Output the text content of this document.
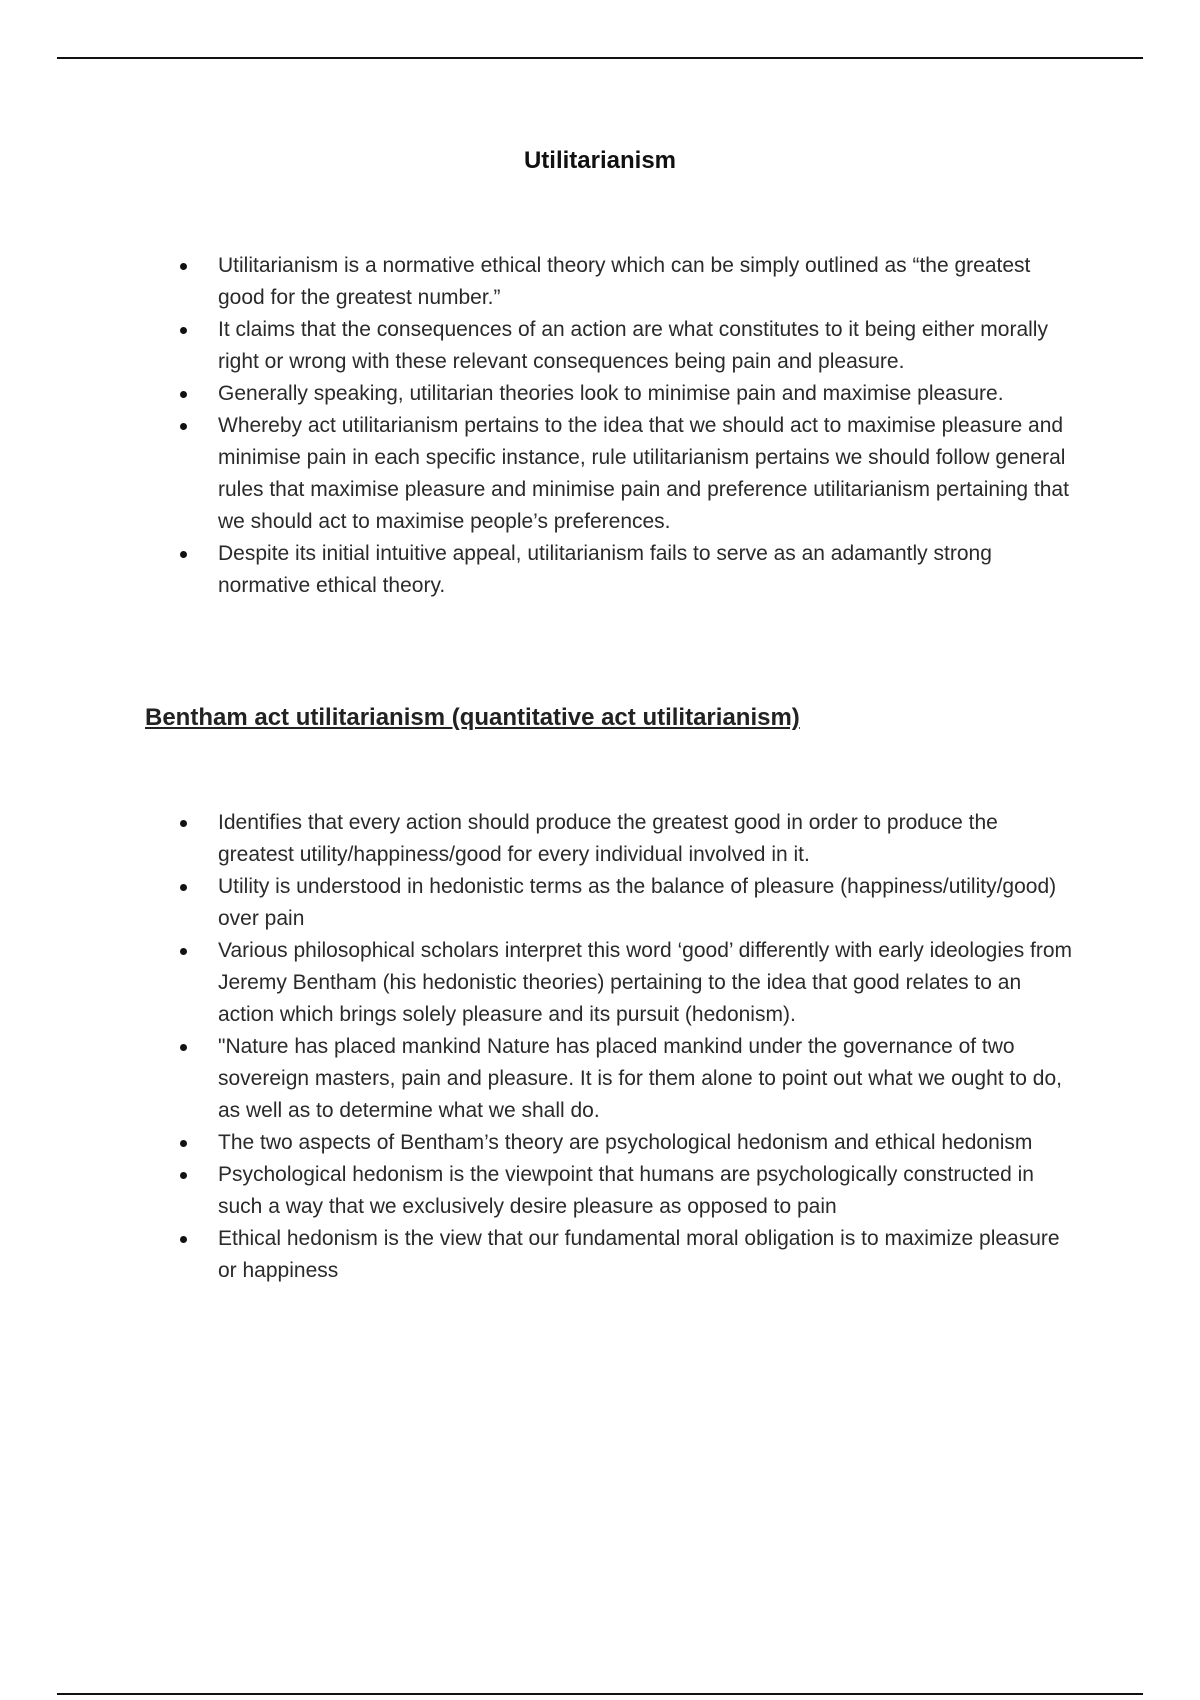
Utilitarianism
Utilitarianism is a normative ethical theory which can be simply outlined as “the greatest good for the greatest number.”
It claims that the consequences of an action are what constitutes to it being either morally right or wrong with these relevant consequences being pain and pleasure.
Generally speaking, utilitarian theories look to minimise pain and maximise pleasure.
Whereby act utilitarianism pertains to the idea that we should act to maximise pleasure and minimise pain in each specific instance, rule utilitarianism pertains we should follow general rules that maximise pleasure and minimise pain and preference utilitarianism pertaining that we should act to maximise people’s preferences.
Despite its initial intuitive appeal, utilitarianism fails to serve as an adamantly strong normative ethical theory.
Bentham act utilitarianism (quantitative act utilitarianism)
Identifies that every action should produce the greatest good in order to produce the greatest utility/happiness/good for every individual involved in it.
Utility is understood in hedonistic terms as the balance of pleasure (happiness/utility/good) over pain
Various philosophical scholars interpret this word ‘good’ differently with early ideologies from Jeremy Bentham (his hedonistic theories) pertaining to the idea that good relates to an action which brings solely pleasure and its pursuit (hedonism).
"Nature has placed mankind Nature has placed mankind under the governance of two sovereign masters, pain and pleasure. It is for them alone to point out what we ought to do, as well as to determine what we shall do.
The two aspects of Bentham’s theory are psychological hedonism and ethical hedonism
Psychological hedonism is the viewpoint that humans are psychologically constructed in such a way that we exclusively desire pleasure as opposed to pain
Ethical hedonism is the view that our fundamental moral obligation is to maximize pleasure or happiness
